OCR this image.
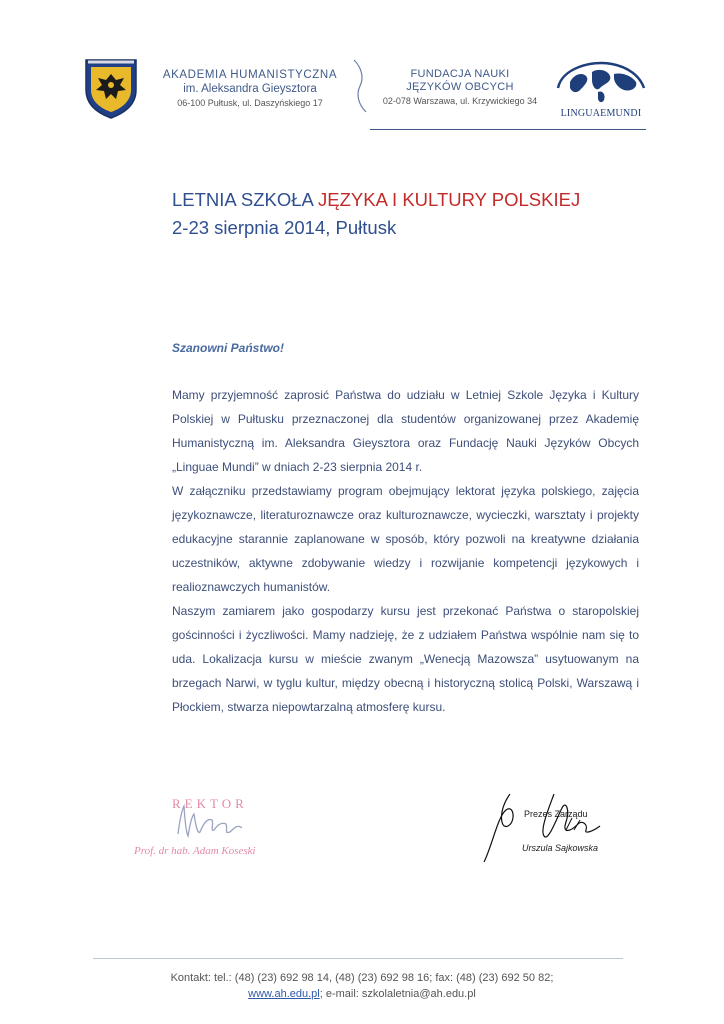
AKADEMIA HUMANISTYCZNA
im. Aleksandra Gieysztora
06-100 Pułtusk, ul. Daszyńskiego 17
FUNDACJA NAUKI
JĘZYKÓW OBCYCH
02-078 Warszawa, ul. Krzywickiego 34
LINGUAEMUNDI
LETNIA SZKOŁA JĘZYKA I KULTURY POLSKIEJ
2-23 sierpnia 2014, Pułtusk
Szanowni Państwo!

Mamy przyjemność zaprosić Państwa do udziału w Letniej Szkole Języka i Kultury Polskiej w Pułtusku przeznaczonej dla studentów organizowanej przez Akademię Humanistyczną im. Aleksandra Gieysztora oraz Fundację Nauki Języków Obcych „Linguae Mundi” w dniach 2-23 sierpnia 2014 r.

W załączniku przedstawiamy program obejmujący lektorat języka polskiego, zajęcia językoznawcze, literaturoznawcze oraz kulturoznawcze, wycieczki, warsztaty i projekty edukacyjne starannie zaplanowane w sposób, który pozwoli na kreatywne działania uczestników, aktywne zdobywanie wiedzy i rozwijanie kompetencji językowych i realioznawczych humanistów.

Naszym zamiarem jako gospodarzy kursu jest przekonać Państwa o staropolskiej gościnności i życzliwości. Mamy nadzieję, że z udziałem Państwa wspólnie nam się to uda. Lokalizacja kursu w mieście zwanym „Wenecją Mazowsza” usytuowanym na brzegach Narwi, w tyglu kultur, między obecną i historyczną stolicą Polski, Warszawą i Płockiem, stwarza niepowtarzalną atmosferę kursu.

REKTOR
Prof. dr hab. Adam Koseski
Prezes Zarządu
Urszula Sajkowska
Kontakt: tel.: (48) (23) 692 98 14, (48) (23) 692 98 16; fax: (48) (23) 692 50 82;
www.ah.edu.pl; e-mail: szkolaletnia@ah.edu.pl
